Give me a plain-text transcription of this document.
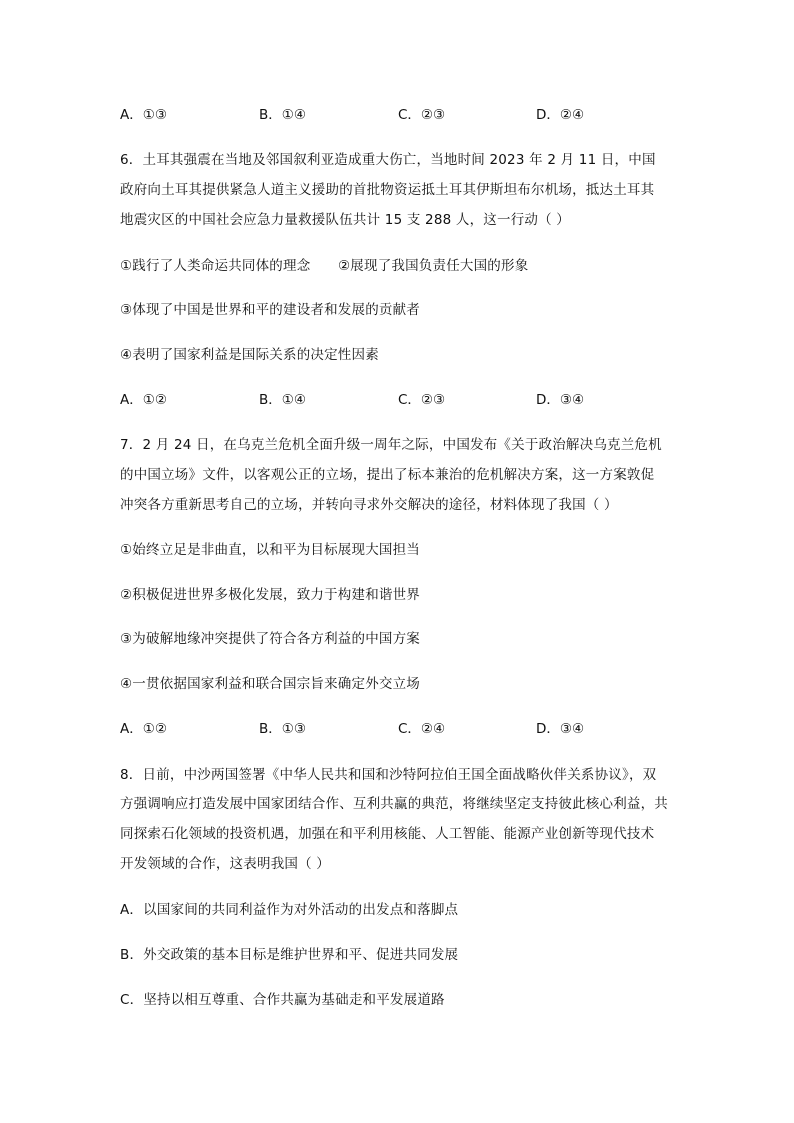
A．①③	B．①④	C．②③	D．②④
6．土耳其强震在当地及邻国叙利亚造成重大伤亡，当地时间 2023 年 2 月 11 日，中国
政府向土耳其提供紧急人道主义援助的首批物资运抵土耳其伊斯坦布尔机场，抵达土耳其
地震灾区的中国社会应急力量救援队伍共计 15 支 288 人，这一行动（ ）
①践行了人类命运共同体的理念 ②展现了我国负责任大国的形象
③体现了中国是世界和平的建设者和发展的贡献者
④表明了国家利益是国际关系的决定性因素
A．①②	B．①④	C．②③	D．③④
7．2 月 24 日，在乌克兰危机全面升级一周年之际，中国发布《关于政治解决乌克兰危机
的中国立场》文件，以客观公正的立场，提出了标本兼治的危机解决方案，这一方案敦促
冲突各方重新思考自己的立场，并转向寻求外交解决的途径，材料体现了我国（ ）
①始终立足是非曲直，以和平为目标展现大国担当
②积极促进世界多极化发展，致力于构建和谐世界
③为破解地缘冲突提供了符合各方利益的中国方案
④一贯依据国家利益和联合国宗旨来确定外交立场
A．①②	B．①③	C．②④	D．③④
8．日前，中沙两国签署《中华人民共和国和沙特阿拉伯王国全面战略伙伴关系协议》，双
方强调响应打造发展中国家团结合作、互利共赢的典范，将继续坚定支持彼此核心利益，共
同探索石化领域的投资机遇，加强在和平利用核能、人工智能、能源产业创新等现代技术
开发领域的合作，这表明我国（ ）
A．以国家间的共同利益作为对外活动的出发点和落脚点
B．外交政策的基本目标是维护世界和平、促进共同发展
C．坚持以相互尊重、合作共赢为基础走和平发展道路
